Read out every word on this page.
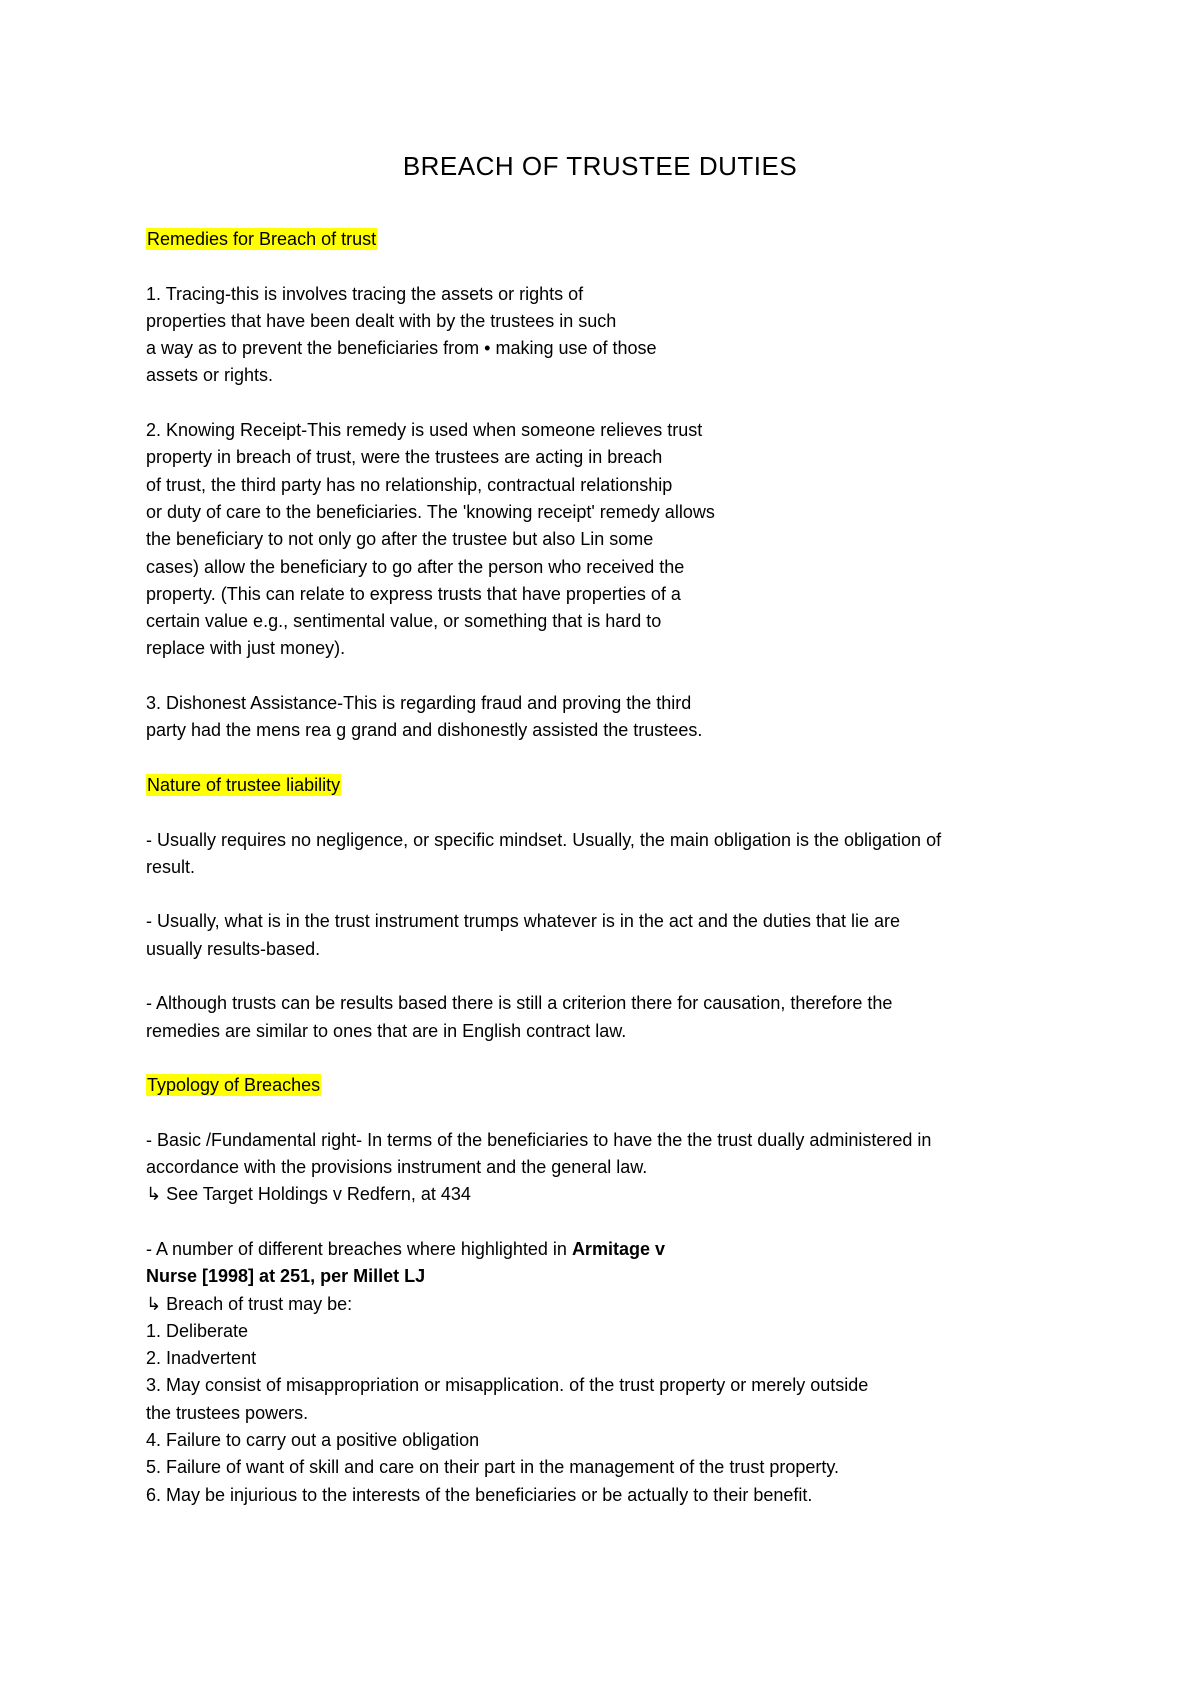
BREACH OF TRUSTEE DUTIES
Remedies for Breach of trust
1. Tracing-this is involves tracing the assets or rights of
properties that have been dealt with by the trustees in such
a way as to prevent the beneficiaries from • making use of those
assets or rights.
2. Knowing Receipt-This remedy is used when someone relieves trust
property in breach of trust, were the trustees are acting in breach
of trust, the third party has no relationship, contractual relationship
or duty of care to the beneficiaries. The 'knowing receipt' remedy allows
the beneficiary to not only go after the trustee but also Lin some
cases) allow the beneficiary to go after the person who received the
property. (This can relate to express trusts that have properties of a
certain value e.g., sentimental value, or something that is hard to
replace with just money).
3. Dishonest Assistance-This is regarding fraud and proving the third
party had the mens rea g grand and dishonestly assisted the trustees.
Nature of trustee liability
- Usually requires no negligence, or specific mindset. Usually, the main obligation is the obligation of
result.
- Usually, what is in the trust instrument trumps whatever is in the act and the duties that lie are
usually results-based.
- Although trusts can be results based there is still a criterion there for causation, therefore the
remedies are similar to ones that are in English contract law.
Typology of Breaches
- Basic /Fundamental right- In terms of the beneficiaries to have the the trust dually administered in
accordance with the provisions instrument and the general law.
↳ See Target Holdings v Redfern, at 434
- A number of different breaches where highlighted in Armitage v
Nurse [1998] at 251, per Millet LJ
↳ Breach of trust may be:
1. Deliberate
2. Inadvertent
3. May consist of misappropriation or misapplication. of the trust property or merely outside
the trustees powers.
4. Failure to carry out a positive obligation
5. Failure of want of skill and care on their part in the management of the trust property.
6. May be injurious to the interests of the beneficiaries or be actually to their benefit.
